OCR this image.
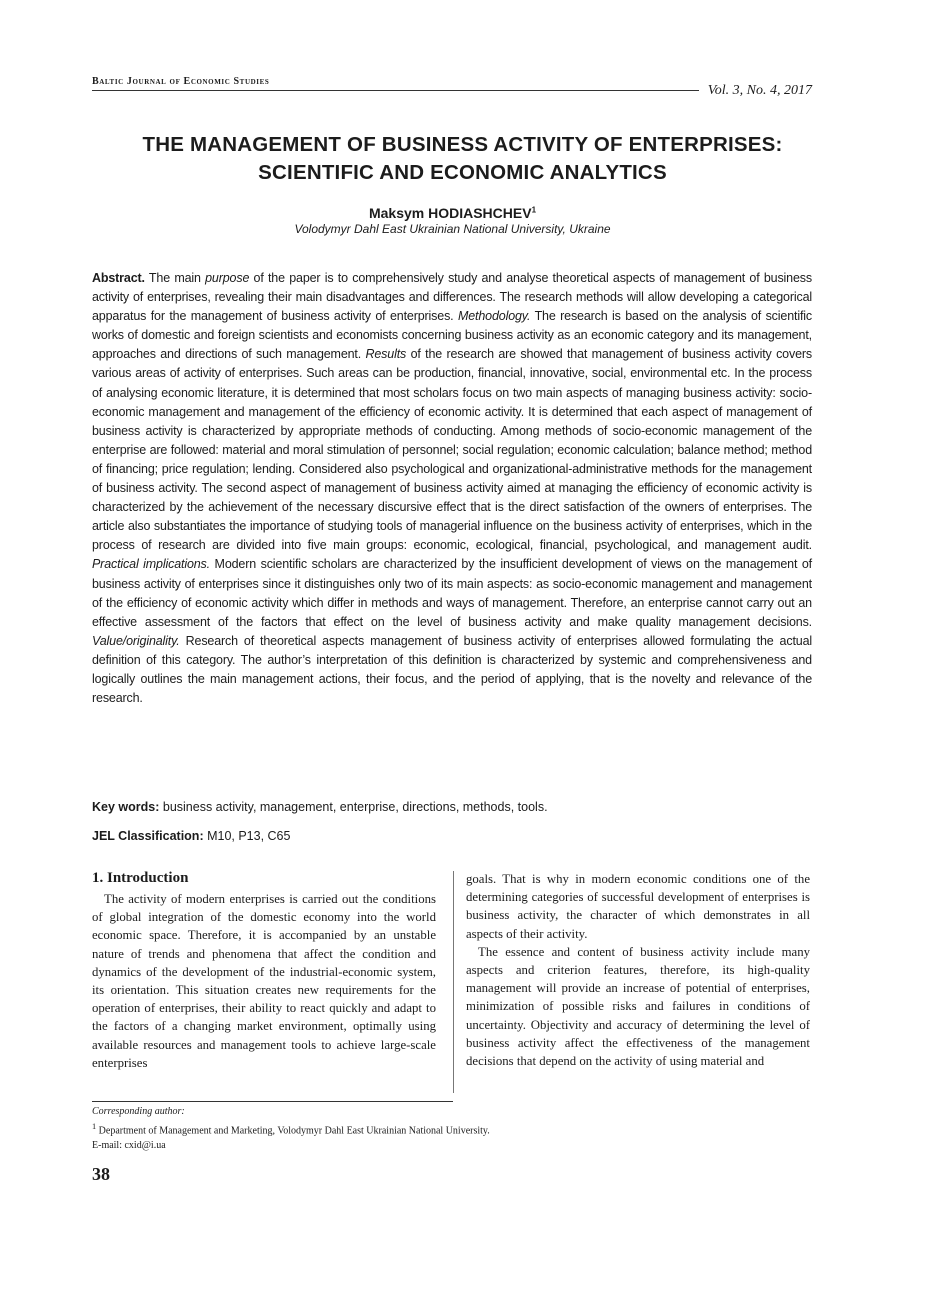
Baltic Journal of Economic Studies
Vol. 3, No. 4, 2017
THE MANAGEMENT OF BUSINESS ACTIVITY OF ENTERPRISES:
SCIENTIFIC AND ECONOMIC ANALYTICS
Maksym HODIASHCHEV$^1$
Volodymyr Dahl East Ukrainian National University, Ukraine
Abstract. The main purpose of the paper is to comprehensively study and analyse theoretical aspects of management of business activity of enterprises, revealing their main disadvantages and differences. The research methods will allow developing a categorical apparatus for the management of business activity of enterprises. Methodology. The research is based on the analysis of scientific works of domestic and foreign scientists and economists concerning business activity as an economic category and its management, approaches and directions of such management. Results of the research are showed that management of business activity covers various areas of activity of enterprises. Such areas can be production, financial, innovative, social, environmental etc. In the process of analysing economic literature, it is determined that most scholars focus on two main aspects of managing business activity: socio-economic management and management of the efficiency of economic activity. It is determined that each aspect of management of business activity is characterized by appropriate methods of conducting. Among methods of socio-economic management of the enterprise are followed: material and moral stimulation of personnel; social regulation; economic calculation; balance method; method of financing; price regulation; lending. Considered also psychological and organizational-administrative methods for the management of business activity. The second aspect of management of business activity aimed at managing the efficiency of economic activity is characterized by the achievement of the necessary discursive effect that is the direct satisfaction of the owners of enterprises. The article also substantiates the importance of studying tools of managerial influence on the business activity of enterprises, which in the process of research are divided into five main groups: economic, ecological, financial, psychological, and management audit. Practical implications. Modern scientific scholars are characterized by the insufficient development of views on the management of business activity of enterprises since it distinguishes only two of its main aspects: as socio-economic management and management of the efficiency of economic activity which differ in methods and ways of management. Therefore, an enterprise cannot carry out an effective assessment of the factors that effect on the level of business activity and make quality management decisions. Value/originality. Research of theoretical aspects management of business activity of enterprises allowed formulating the actual definition of this category. The author’s interpretation of this definition is characterized by systemic and comprehensiveness and logically outlines the main management actions, their focus, and the period of applying, that is the novelty and relevance of the research.
Key words: business activity, management, enterprise, directions, methods, tools.
JEL Classification: M10, P13, C65
1. Introduction

The activity of modern enterprises is carried out the conditions of global integration of the domestic economy into the world economic space. Therefore, it is accompanied by an unstable nature of trends and phenomena that affect the condition and dynamics of the development of the industrial-economic system, its orientation. This situation creates new requirements for the operation of enterprises, their ability to react quickly and adapt to the factors of a changing market environment, optimally using available resources and management tools to achieve large-scale enterprises

goals. That is why in modern economic conditions one of the determining categories of successful development of enterprises is business activity, the character of which demonstrates in all aspects of their activity.

The essence and content of business activity include many aspects and criterion features, therefore, its high-quality management will provide an increase of potential of enterprises, minimization of possible risks and failures in conditions of uncertainty. Objectivity and accuracy of determining the level of business activity affect the effectiveness of the management decisions that depend on the activity of using material and

Corresponding author:
$^1$ Department of Management and Marketing, Volodymyr Dahl East Ukrainian National University.
E-mail: cxid@i.ua
38
